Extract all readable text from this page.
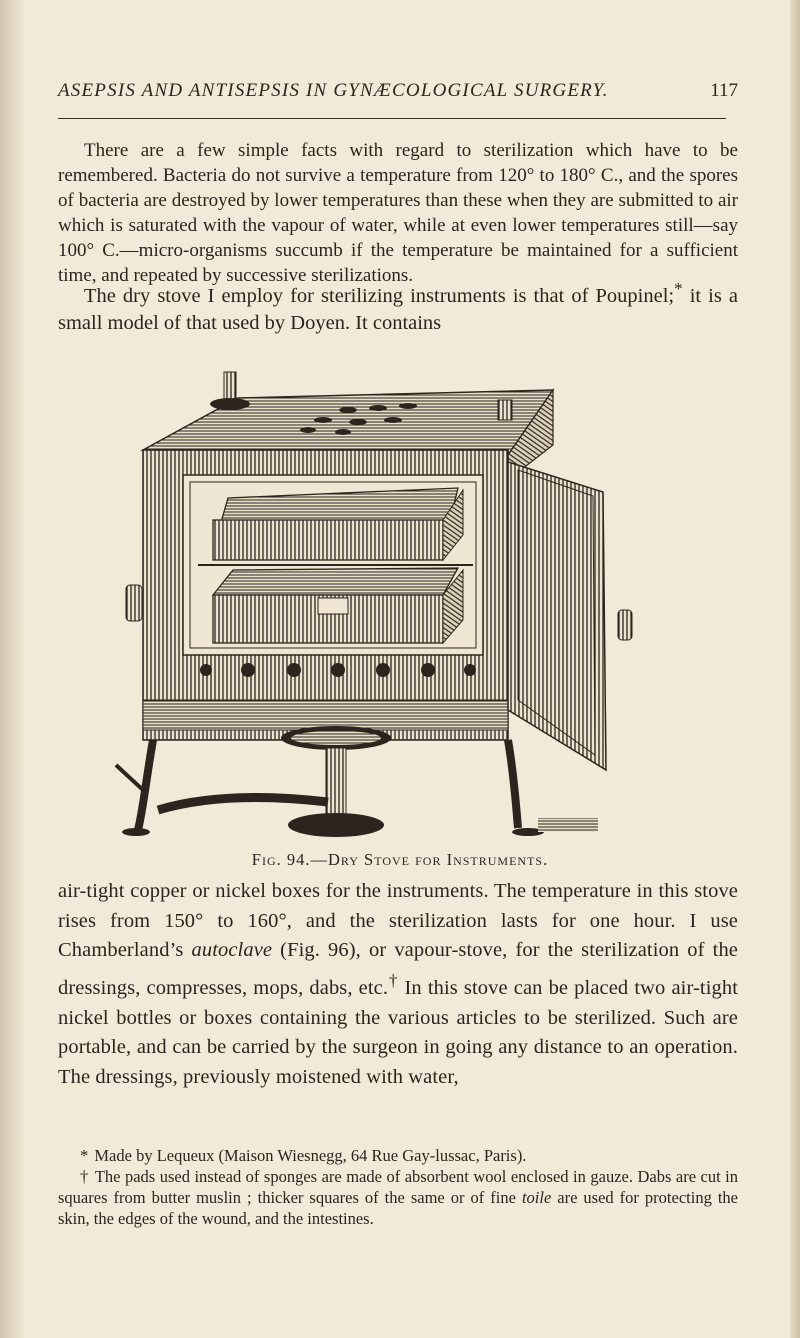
ASEPSIS AND ANTISEPSIS IN GYNÆCOLOGICAL SURGERY.	117

There are a few simple facts with regard to sterilization which have to be remembered. Bacteria do not survive a temperature from 120° to 180° C., and the spores of bacteria are destroyed by lower temperatures than these when they are submitted to air which is saturated with the vapour of water, while at even lower temperatures still—say 100° C.—micro-organisms succumb if the temperature be maintained for a sufficient time, and repeated by successive sterilizations.

The dry stove I employ for sterilizing instruments is that of Poupinel;* it is a small model of that used by Doyen. It contains

Fig. 94.—Dry Stove for Instruments.

air-tight copper or nickel boxes for the instruments. The temperature in this stove rises from 150° to 160°, and the sterilization lasts for one hour. I use Chamberland’s autoclave (Fig. 96), or vapour-stove, for the sterilization of the dressings, compresses, mops, dabs, etc.† In this stove can be placed two air-tight nickel bottles or boxes containing the various articles to be sterilized. Such are portable, and can be carried by the surgeon in going any distance to an operation. The dressings, previously moistened with water,

* Made by Lequeux (Maison Wiesnegg, 64 Rue Gay-lussac, Paris).

† The pads used instead of sponges are made of absorbent wool enclosed in gauze. Dabs are cut in squares from butter muslin ; thicker squares of the same or of fine toile are used for protecting the skin, the edges of the wound, and the intestines.
